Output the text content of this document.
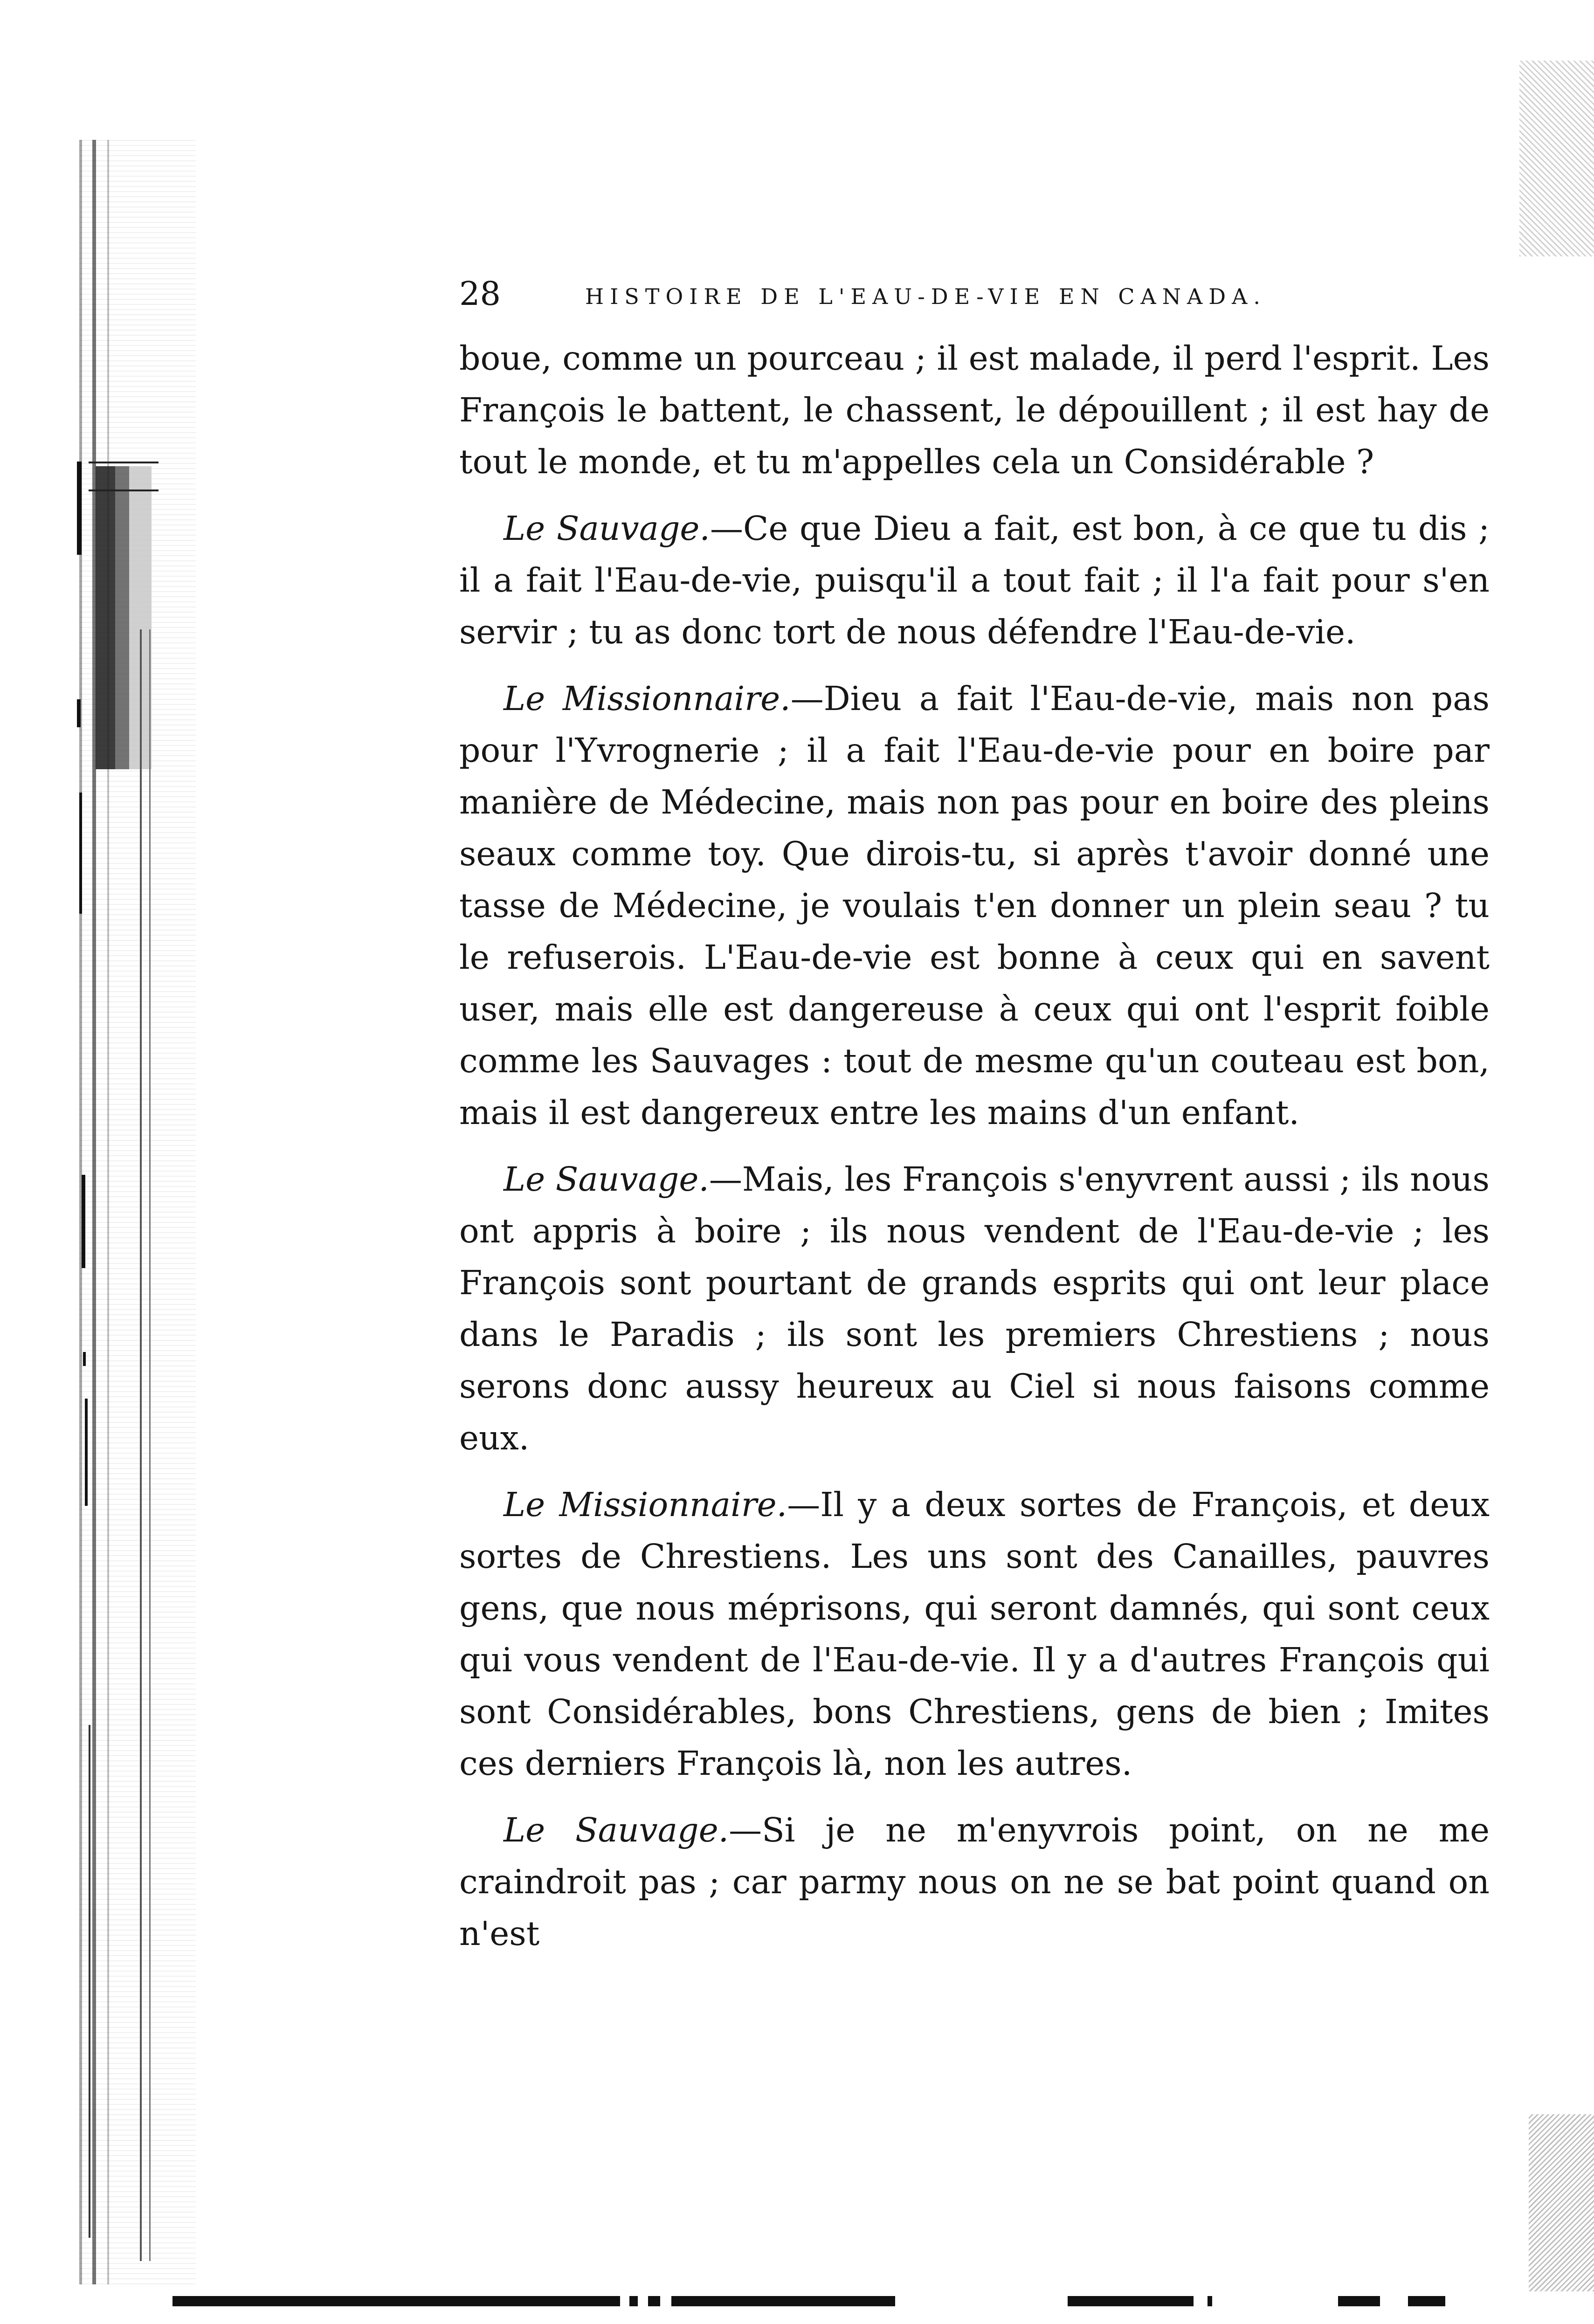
28	HISTOIRE DE L'EAU-DE-VIE EN CANADA.

boue, comme un pourceau ; il est malade, il perd l'esprit. Les François le battent, le chassent, le dépouillent ; il est hay de tout le monde, et tu m'appelles cela un Considérable ?

Le Sauvage.—Ce que Dieu a fait, est bon, à ce que tu dis ; il a fait l'Eau-de-vie, puisqu'il a tout fait ; il l'a fait pour s'en servir ; tu as donc tort de nous défendre l'Eau-de-vie.

Le Missionnaire.—Dieu a fait l'Eau-de-vie, mais non pas pour l'Yvrognerie ; il a fait l'Eau-de-vie pour en boire par manière de Médecine, mais non pas pour en boire des pleins seaux comme toy. Que dirois-tu, si après t'avoir donné une tasse de Médecine, je voulais t'en donner un plein seau ? tu le refuserois. L'Eau-de-vie est bonne à ceux qui en savent user, mais elle est dangereuse à ceux qui ont l'esprit foible comme les Sauvages : tout de mesme qu'un couteau est bon, mais il est dangereux entre les mains d'un enfant.

Le Sauvage.—Mais, les François s'enyvrent aussi ; ils nous ont appris à boire ; ils nous vendent de l'Eau-de-vie ; les François sont pourtant de grands esprits qui ont leur place dans le Paradis ; ils sont les premiers Chrestiens ; nous serons donc aussy heureux au Ciel si nous faisons comme eux.

Le Missionnaire.—Il y a deux sortes de François, et deux sortes de Chrestiens. Les uns sont des Canailles, pauvres gens, que nous méprisons, qui seront damnés, qui sont ceux qui vous vendent de l'Eau-de-vie. Il y a d'autres François qui sont Considérables, bons Chrestiens, gens de bien ; Imites ces derniers François là, non les autres.

Le Sauvage.—Si je ne m'enyvrois point, on ne me craindroit pas ; car parmy nous on ne se bat point quand on n'est
